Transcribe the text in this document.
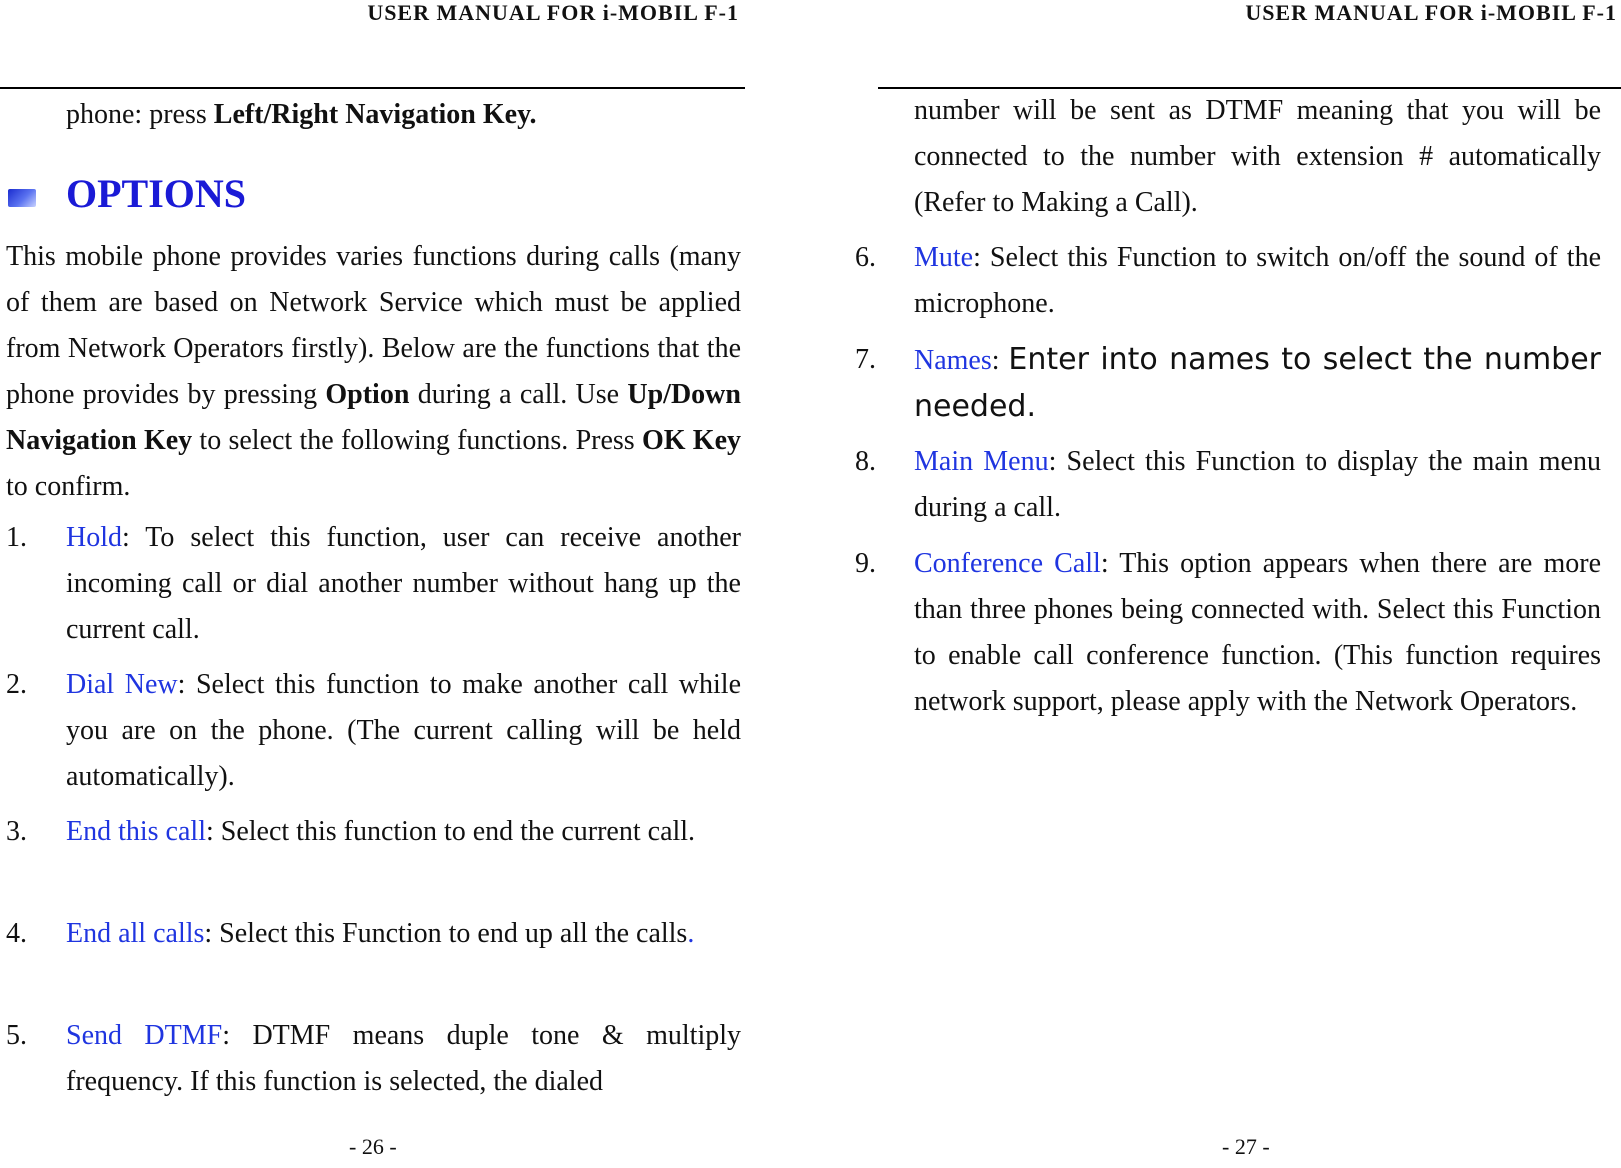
USER MANUAL FOR i-MOBIL F-1
phone: press Left/Right Navigation Key.
OPTIONS
This mobile phone provides varies functions during calls (many of them are based on Network Service which must be applied from Network Operators firstly). Below are the functions that the phone provides by pressing Option during a call. Use Up/Down Navigation Key to select the following functions. Press OK Key to confirm.
1. Hold: To select this function, user can receive another incoming call or dial another number without hang up the current call.
2. Dial New: Select this function to make another call while you are on the phone. (The current calling will be held automatically).
3. End this call: Select this function to end the current call.
4. End all calls: Select this Function to end up all the calls.
5. Send DTMF: DTMF means duple tone & multiply frequency. If this function is selected, the dialed
- 26 -
USER MANUAL FOR i-MOBIL F-1
number will be sent as DTMF meaning that you will be connected to the number with extension # automatically (Refer to Making a Call).
6. Mute: Select this Function to switch on/off the sound of the microphone.
7. Names: Enter into names to select the number needed.
8. Main Menu: Select this Function to display the main menu during a call.
9. Conference Call: This option appears when there are more than three phones being connected with. Select this Function to enable call conference function. (This function requires network support, please apply with the Network Operators.
- 27 -
